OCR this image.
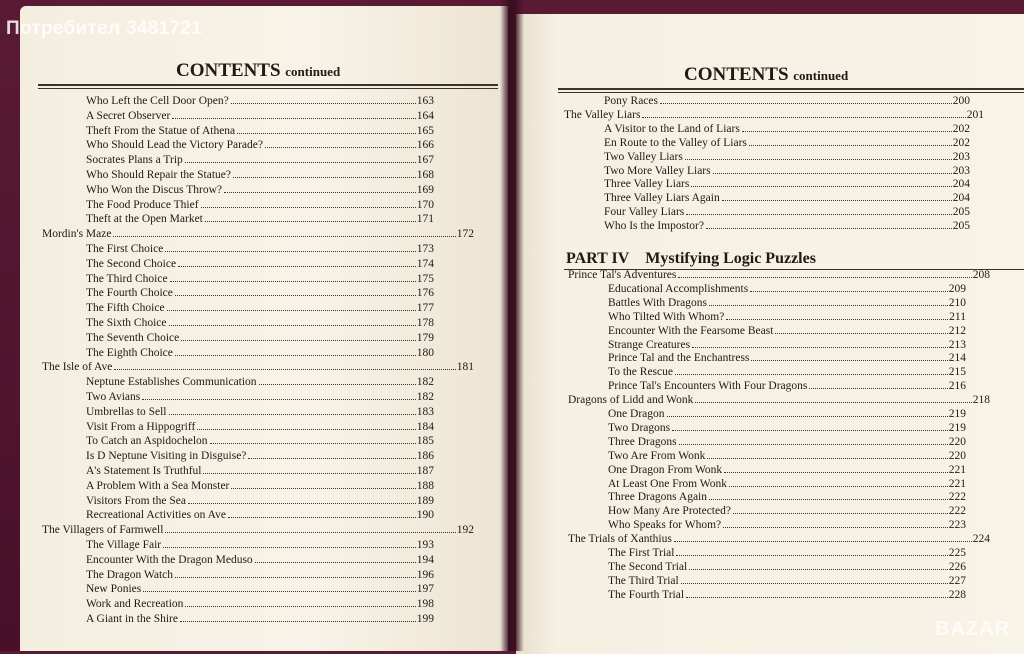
CONTENTS continued
Who Left the Cell Door Open?	163
A Secret Observer	164
Theft From the Statue of Athena	165
Who Should Lead the Victory Parade?	166
Socrates Plans a Trip	167
Who Should Repair the Statue?	168
Who Won the Discus Throw?	169
The Food Produce Thief	170
Theft at the Open Market	171
Mordin's Maze	172
The First Choice	173
The Second Choice	174
The Third Choice	175
The Fourth Choice	176
The Fifth Choice	177
The Sixth Choice	178
The Seventh Choice	179
The Eighth Choice	180
The Isle of Ave	181
Neptune Establishes Communication	182
Two Avians	182
Umbrellas to Sell	183
Visit From a Hippogriff	184
To Catch an Aspidochelon	185
Is D Neptune Visiting in Disguise?	186
A's Statement Is Truthful	187
A Problem With a Sea Monster	188
Visitors From the Sea	189
Recreational Activities on Ave	190
The Villagers of Farmwell	192
The Village Fair	193
Encounter With the Dragon Meduso	194
The Dragon Watch	196
New Ponies	197
Work and Recreation	198
A Giant in the Shire	199
CONTENTS continued
Pony Races	200
The Valley Liars	201
A Visitor to the Land of Liars	202
En Route to the Valley of Liars	202
Two Valley Liars	203
Two More Valley Liars	203
Three Valley Liars	204
Three Valley Liars Again	204
Four Valley Liars	205
Who Is the Impostor?	205
PART IV Mystifying Logic Puzzles
Prince Tal's Adventures	208
Educational Accomplishments	209
Battles With Dragons	210
Who Tilted With Whom?	211
Encounter With the Fearsome Beast	212
Strange Creatures	213
Prince Tal and the Enchantress	214
To the Rescue	215
Prince Tal's Encounters With Four Dragons	216
Dragons of Lidd and Wonk	218
One Dragon	219
Two Dragons	219
Three Dragons	220
Two Are From Wonk	220
One Dragon From Wonk	221
At Least One From Wonk	221
Three Dragons Again	222
How Many Are Protected?	222
Who Speaks for Whom?	223
The Trials of Xanthius	224
The First Trial	225
The Second Trial	226
The Third Trial	227
The Fourth Trial	228
Потребител 3481721
BAZAR
